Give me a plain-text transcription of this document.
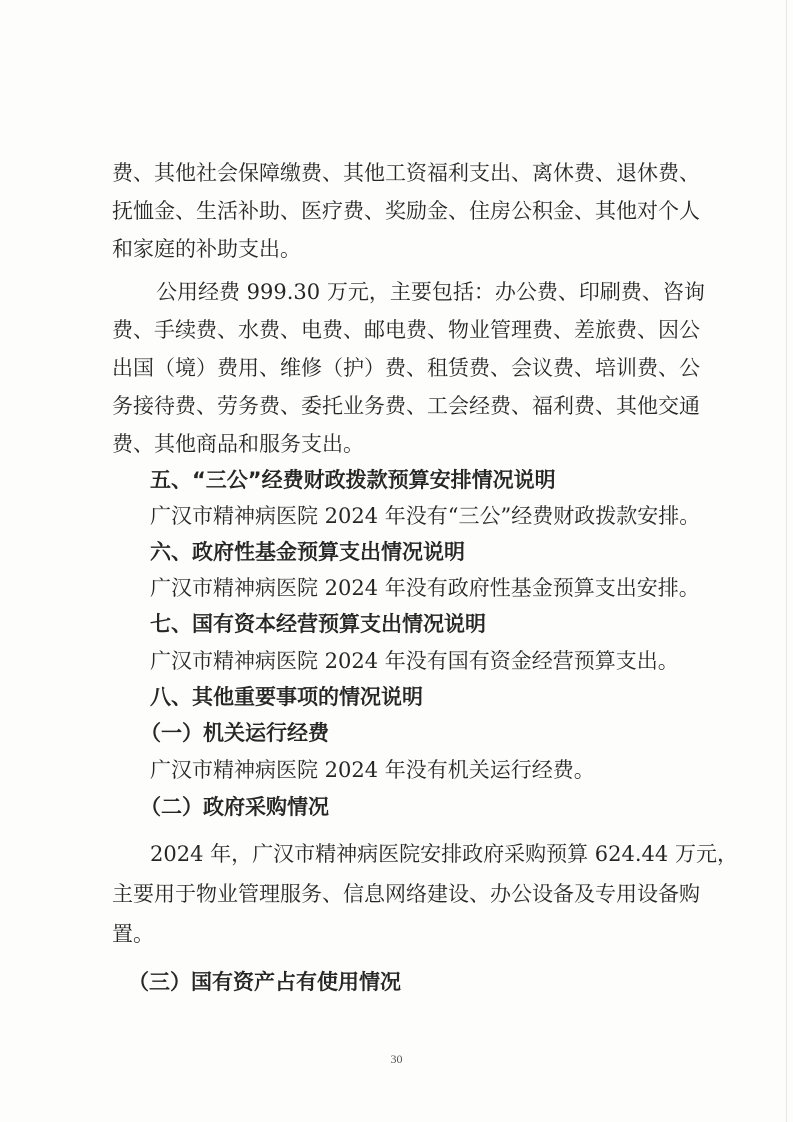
费、其他社会保障缴费、其他工资福利支出、离休费、退休费、
抚恤金、生活补助、医疗费、奖励金、住房公积金、其他对个人
和家庭的补助支出。
公用经费 999.30 万元，主要包括：办公费、印刷费、咨询
费、手续费、水费、电费、邮电费、物业管理费、差旅费、因公
出国（境）费用、维修（护）费、租赁费、会议费、培训费、公
务接待费、劳务费、委托业务费、工会经费、福利费、其他交通
费、其他商品和服务支出。
五、“三公”经费财政拨款预算安排情况说明
广汉市精神病医院 2024 年没有“三公”经费财政拨款安排。
六、政府性基金预算支出情况说明
广汉市精神病医院 2024 年没有政府性基金预算支出安排。
七、国有资本经营预算支出情况说明
广汉市精神病医院 2024 年没有国有资金经营预算支出。
八、其他重要事项的情况说明
（一）机关运行经费
广汉市精神病医院 2024 年没有机关运行经费。
（二）政府采购情况
2024 年，广汉市精神病医院安排政府采购预算 624.44 万元，
主要用于物业管理服务、信息网络建设、办公设备及专用设备购
置。
（三）国有资产占有使用情况
30
